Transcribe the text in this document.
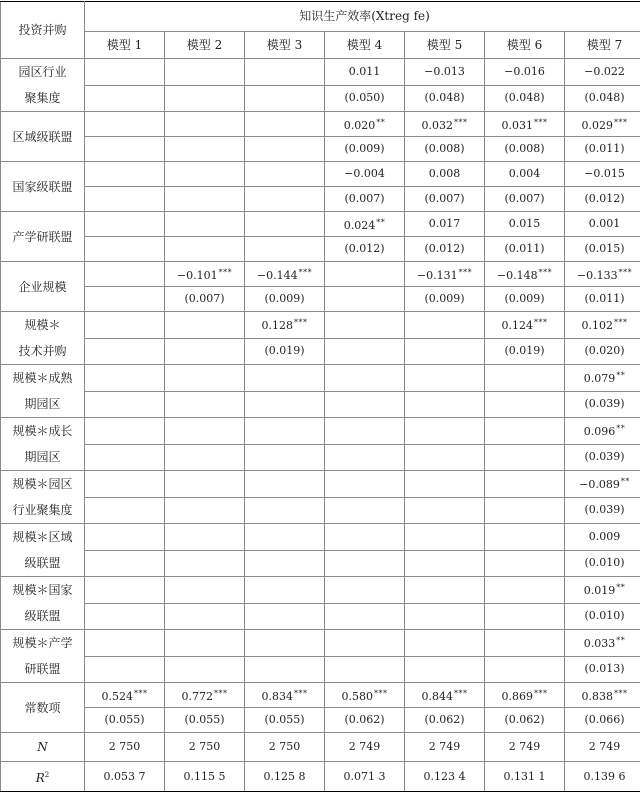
投资并购	知识生产效率(Xtreg fe)						
	模型 1	模型 2	模型 3	模型 4	模型 5	模型 6	模型 7

园区行业
聚集度				0.011	−0.013	−0.016	−0.022
				(0.050)	(0.048)	(0.048)	(0.048)

区域级联盟				0.020**	0.032***	0.031***	0.029***
				(0.009)	(0.008)	(0.008)	(0.011)

国家级联盟				−0.004	0.008	0.004	−0.015
				(0.007)	(0.007)	(0.007)	(0.012)

产学研联盟				0.024**	0.017	0.015	0.001
				(0.012)	(0.012)	(0.011)	(0.015)

企业规模		−0.101***	−0.144***		−0.131***	−0.148***	−0.133***
		(0.007)	(0.009)		(0.009)	(0.009)	(0.011)

规模＊
技术并购			0.128***			0.124***	0.102***
			(0.019)			(0.019)	(0.020)

规模＊成熟
期园区							0.079**
							(0.039)

规模＊成长
期园区							0.096**
							(0.039)

规模＊园区
行业聚集度							−0.089**
							(0.039)

规模＊区域
级联盟							0.009
							(0.010)

规模＊国家
级联盟							0.019**
							(0.010)

规模＊产学
研联盟							0.033**
							(0.013)

常数项	0.524***	0.772***	0.834***	0.580***	0.844***	0.869***	0.838***
	(0.055)	(0.055)	(0.055)	(0.062)	(0.062)	(0.062)	(0.066)
N	2 750	2 750	2 750	2 749	2 749	2 749	2 749
$R^2$	0.053 7	0.115 5	0.125 8	0.071 3	0.123 4	0.131 1	0.139 6
